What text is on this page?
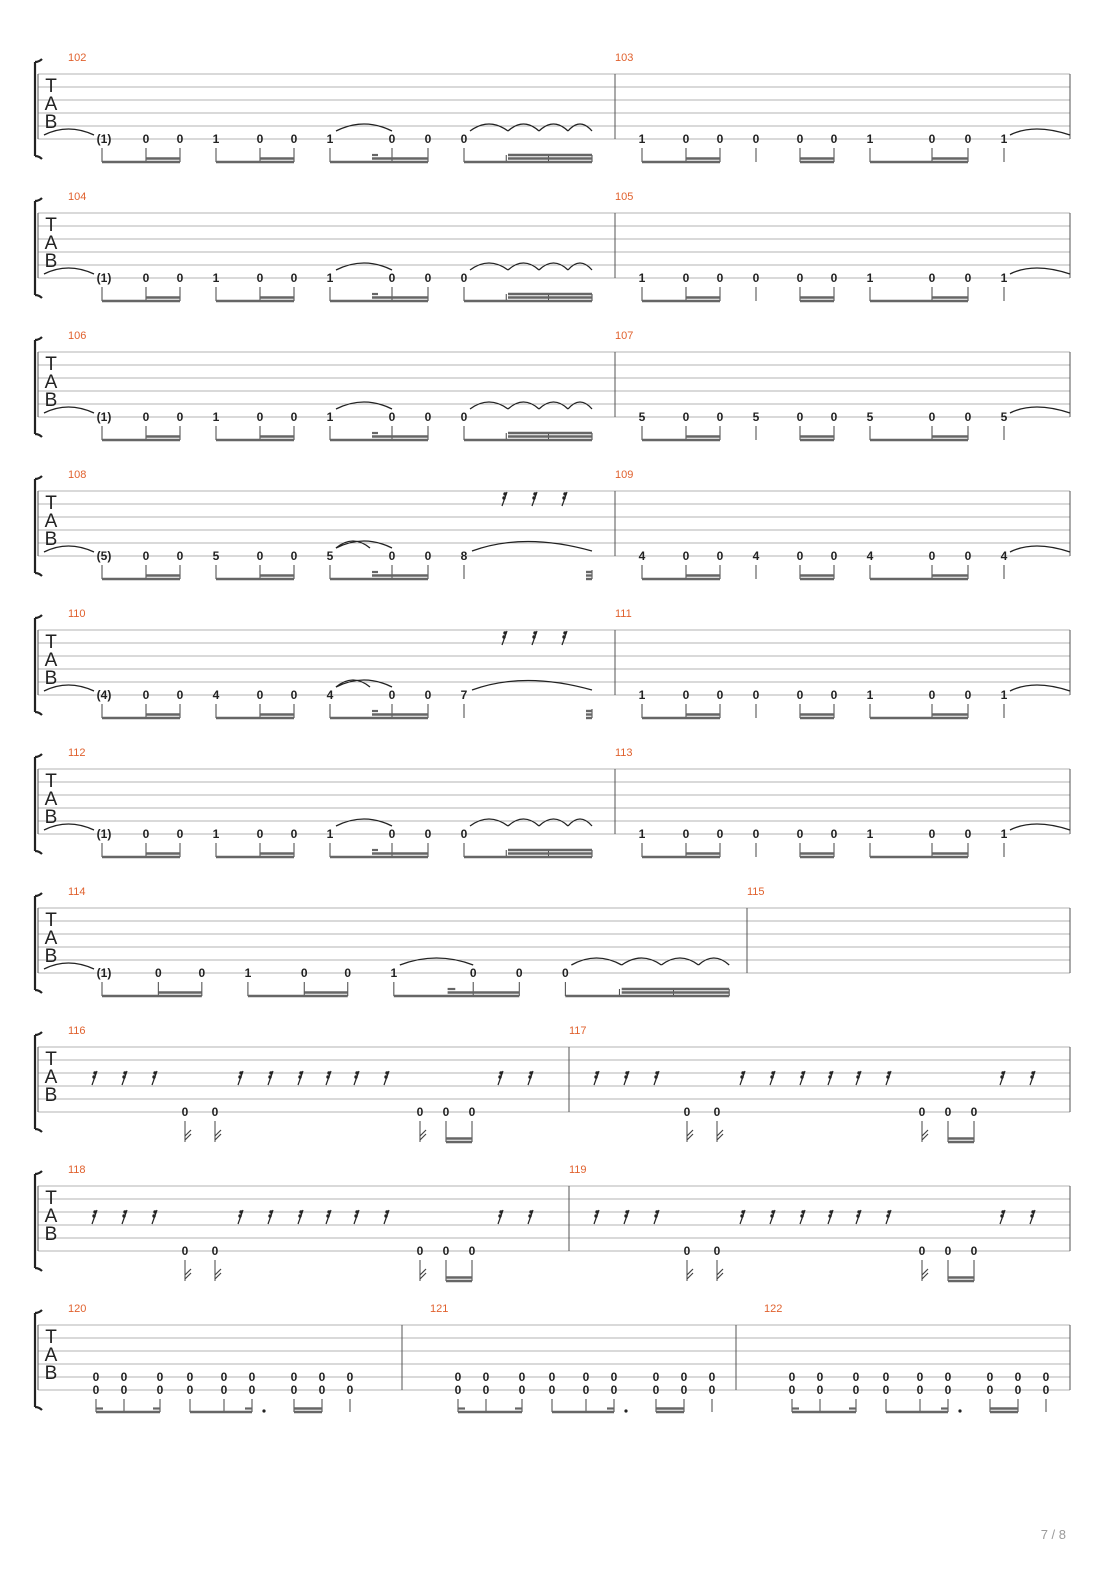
T
A
B
102	103
(1)	0 0 1	0 0 1	0 0 0	1	0 0 0	0 0 1	0 0 1
T
A
B
104	105
(1)	0 0 1	0 0 1	0 0 0	1	0 0 0	0 0 1	0 0 1
T
A
B
106	107
(1)	0 0 1	0 0 1	0 0 0	5	0 0 5	0 0 5	0 0 5
T
A
B
108	109
(5)	0 0 5	0 0 5	0 0 8	4	0 0 4	0 0 4	0 0 4
T
A
B
110	111
(4)	0 0 4	0 0 4	0 0 7	1	0 0 0	0 0 1	0 0 1
T
A
B
112	113
(1)	0 0 1	0 0 1	0 0 0	1	0 0 0	0 0 1	0 0 1
T
A
B
114	115
(1)	0	0	1	0	0	1	0	0	0
T
A
B
116	117
0 0	0 0 0	0 0	0 0 0
T
A
B
118	119
0 0	0 0 0	0 0	0 0 0
T
A
B
120
0
0
0
0
0
0
0
0
0
0
0
0
0
0
0
0
0
0
121
0
0
0
0
0
0
0
0
0
0
0
0
0
0
0
0
0
0
122
0
0
0
0
0
0
0
0
0
0
0
0
0
0
0
0
0
0
7 / 8
